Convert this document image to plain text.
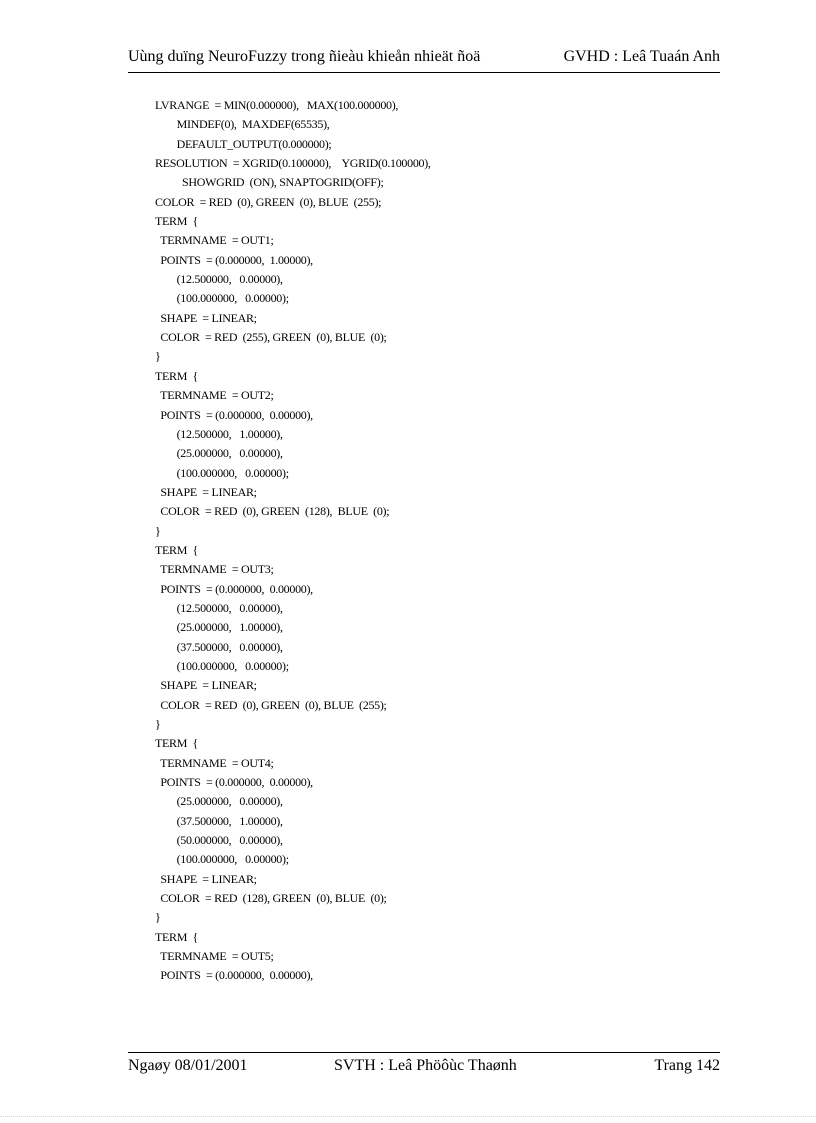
Uùng duïng NeuroFuzzy trong ñieàu khieån nhieät ñoä	GVHD : Leâ Tuaán Anh
LVRANGE  = MIN(0.000000),   MAX(100.000000),
MINDEF(0),  MAXDEF(65535),
DEFAULT_OUTPUT(0.000000);
RESOLUTION  = XGRID(0.100000),    YGRID(0.100000),
SHOWGRID  (ON), SNAPTOGRID(OFF);
COLOR  = RED  (0), GREEN  (0), BLUE  (255);
TERM  {
TERMNAME  = OUT1;
POINTS  = (0.000000,  1.00000),
(12.500000,   0.00000),
(100.000000,   0.00000);
SHAPE  = LINEAR;
COLOR  = RED  (255), GREEN  (0), BLUE  (0);
}
TERM  {
TERMNAME  = OUT2;
POINTS  = (0.000000,  0.00000),
(12.500000,   1.00000),
(25.000000,   0.00000),
(100.000000,   0.00000);
SHAPE  = LINEAR;
COLOR  = RED  (0), GREEN  (128),  BLUE  (0);
}
TERM  {
TERMNAME  = OUT3;
POINTS  = (0.000000,  0.00000),
(12.500000,   0.00000),
(25.000000,   1.00000),
(37.500000,   0.00000),
(100.000000,   0.00000);
SHAPE  = LINEAR;
COLOR  = RED  (0), GREEN  (0), BLUE  (255);
}
TERM  {
TERMNAME  = OUT4;
POINTS  = (0.000000,  0.00000),
(25.000000,   0.00000),
(37.500000,   1.00000),
(50.000000,   0.00000),
(100.000000,   0.00000);
SHAPE  = LINEAR;
COLOR  = RED  (128), GREEN  (0), BLUE  (0);
}
TERM  {
TERMNAME  = OUT5;
POINTS  = (0.000000,  0.00000),
Ngaøy 08/01/2001	SVTH : Leâ Phöôùc Thaønh	Trang 142
